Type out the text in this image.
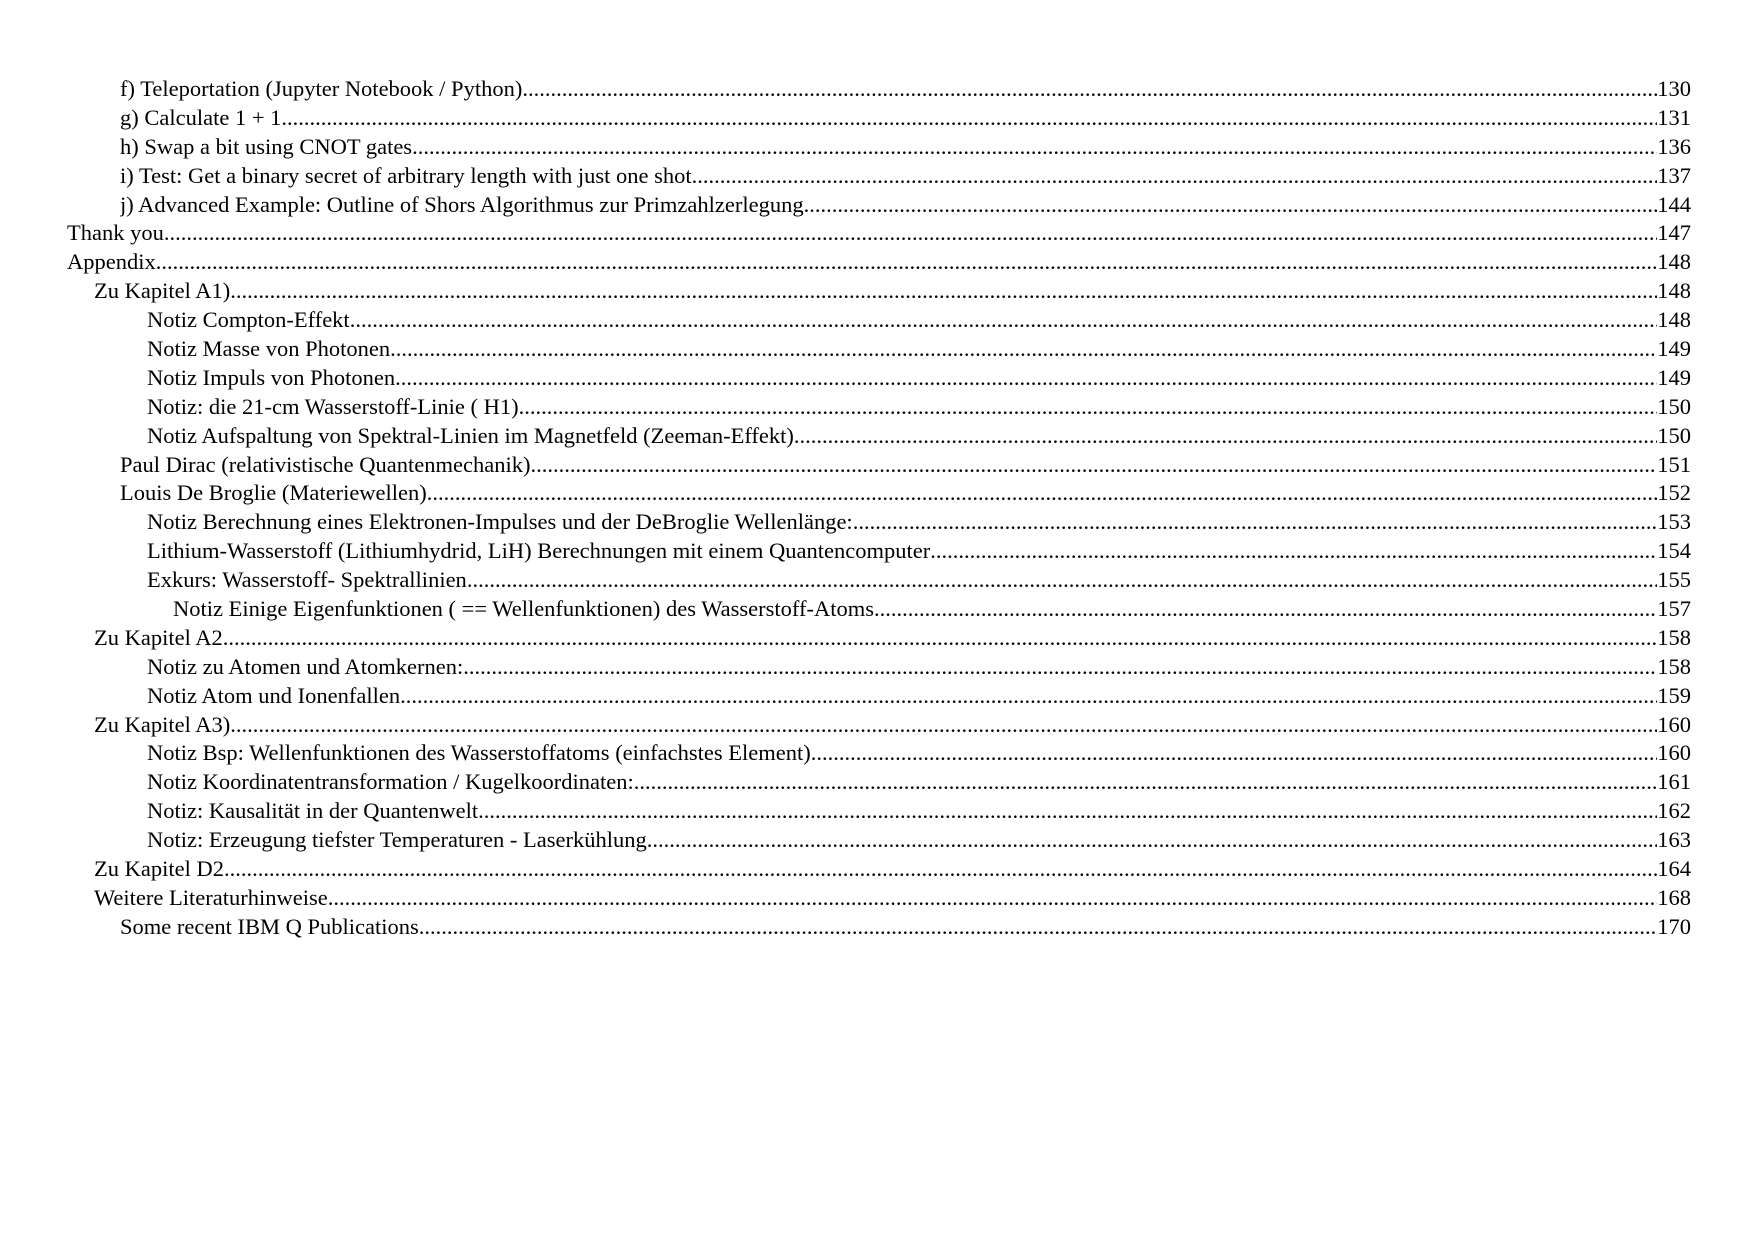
f) Teleportation (Jupyter Notebook / Python) .....	130
g) Calculate 1 + 1 .....	131
h) Swap a bit using CNOT gates .....	136
i) Test: Get a binary secret of arbitrary length with just one shot .....	137
j) Advanced Example: Outline of Shors Algorithmus zur Primzahlzerlegung .....	144
Thank you .....	147
Appendix .....	148
Zu Kapitel A1) .....	148
Notiz Compton-Effekt .....	148
Notiz Masse von Photonen .....	149
Notiz Impuls von Photonen .....	149
Notiz: die 21-cm Wasserstoff-Linie ( H1) .....	150
Notiz Aufspaltung von Spektral-Linien im Magnetfeld (Zeeman-Effekt) .....	150
Paul Dirac (relativistische Quantenmechanik) .....	151
Louis De Broglie (Materiewellen) .....	152
Notiz Berechnung eines Elektronen-Impulses und der DeBroglie Wellenlänge: .....	153
Lithium-Wasserstoff (Lithiumhydrid, LiH) Berechnungen mit einem Quantencomputer .....	154
Exkurs: Wasserstoff- Spektrallinien .....	155
Notiz Einige Eigenfunktionen ( == Wellenfunktionen) des Wasserstoff-Atoms .....	157
Zu Kapitel A2 .....	158
Notiz zu Atomen und Atomkernen: .....	158
Notiz Atom und Ionenfallen .....	159
Zu Kapitel A3) .....	160
Notiz Bsp: Wellenfunktionen des Wasserstoffatoms (einfachstes Element) .....	160
Notiz Koordinatentransformation / Kugelkoordinaten: .....	161
Notiz: Kausalität in der Quantenwelt .....	162
Notiz: Erzeugung tiefster Temperaturen - Laserkühlung .....	163
Zu Kapitel D2 .....	164
Weitere Literaturhinweise .....	168
Some recent IBM Q Publications .....	170
